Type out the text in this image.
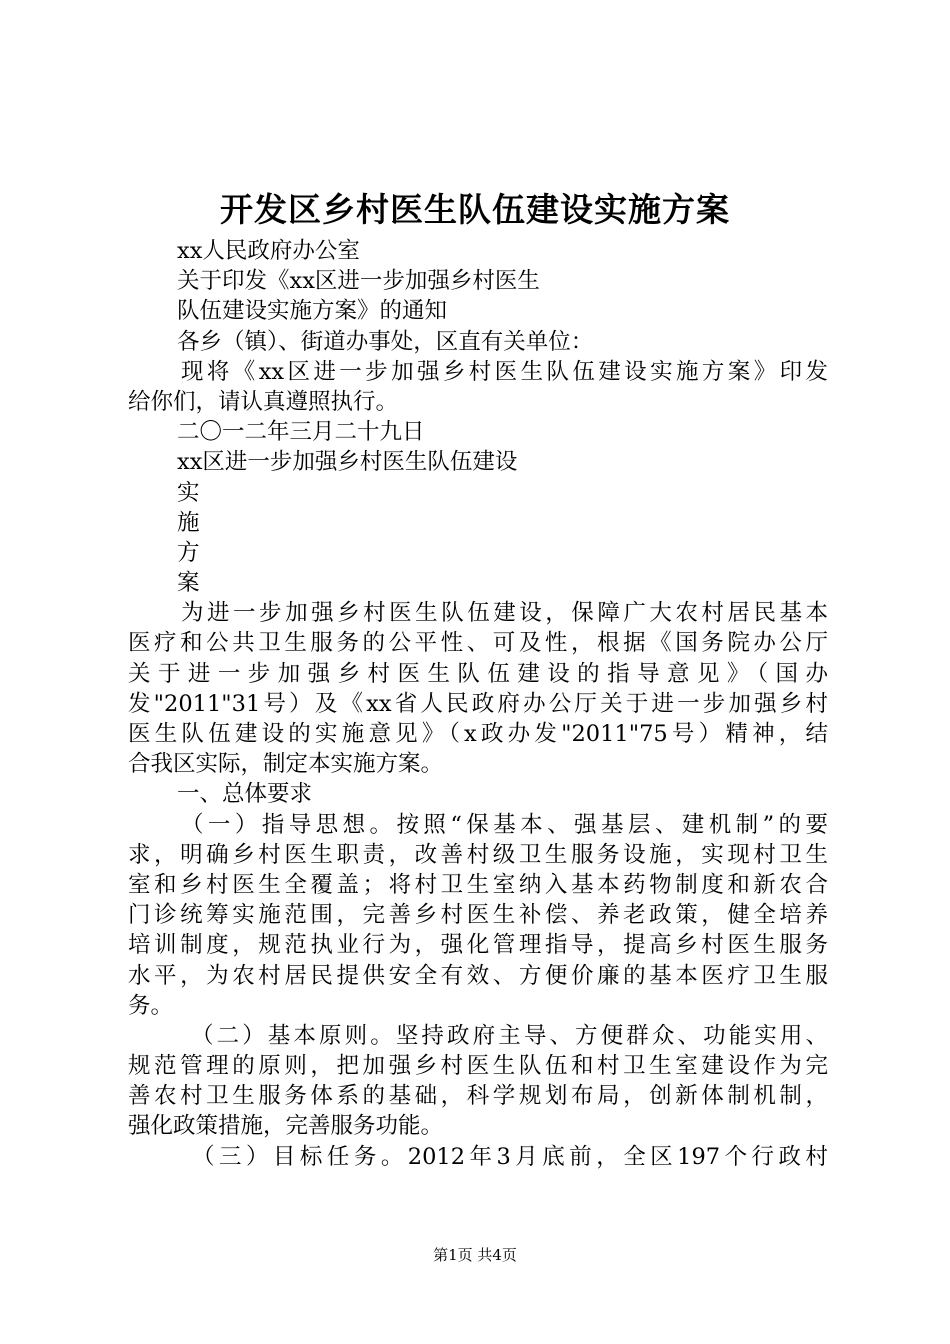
开发区乡村医生队伍建设实施方案
xx人民政府办公室
关于印发《xx区进一步加强乡村医生
队伍建设实施方案》的通知
各乡（镇）、街道办事处，区直有关单位：
现将《xx区进一步加强乡村医生队伍建设实施方案》印发
给你们，请认真遵照执行。
二〇一二年三月二十九日
xx区进一步加强乡村医生队伍建设
实
施
方
案
为进一步加强乡村医生队伍建设，保障广大农村居民基本
医疗和公共卫生服务的公平性、可及性，根据《国务院办公厅
关于进一步加强乡村医生队伍建设的指导意见》（国办
发"2011"31号）及《xx省人民政府办公厅关于进一步加强乡村
医生队伍建设的实施意见》（x政办发"2011"75号）精神，结
合我区实际，制定本实施方案。
一、总体要求
（一）指导思想。按照“保基本、强基层、建机制”的要
求，明确乡村医生职责，改善村级卫生服务设施，实现村卫生
室和乡村医生全覆盖；将村卫生室纳入基本药物制度和新农合
门诊统筹实施范围，完善乡村医生补偿、养老政策，健全培养
培训制度，规范执业行为，强化管理指导，提高乡村医生服务
水平，为农村居民提供安全有效、方便价廉的基本医疗卫生服
务。
（二）基本原则。坚持政府主导、方便群众、功能实用、
规范管理的原则，把加强乡村医生队伍和村卫生室建设作为完
善农村卫生服务体系的基础，科学规划布局，创新体制机制，
强化政策措施，完善服务功能。
（三）目标任务。2012年3月底前，全区197个行政村
第1页 共4页
